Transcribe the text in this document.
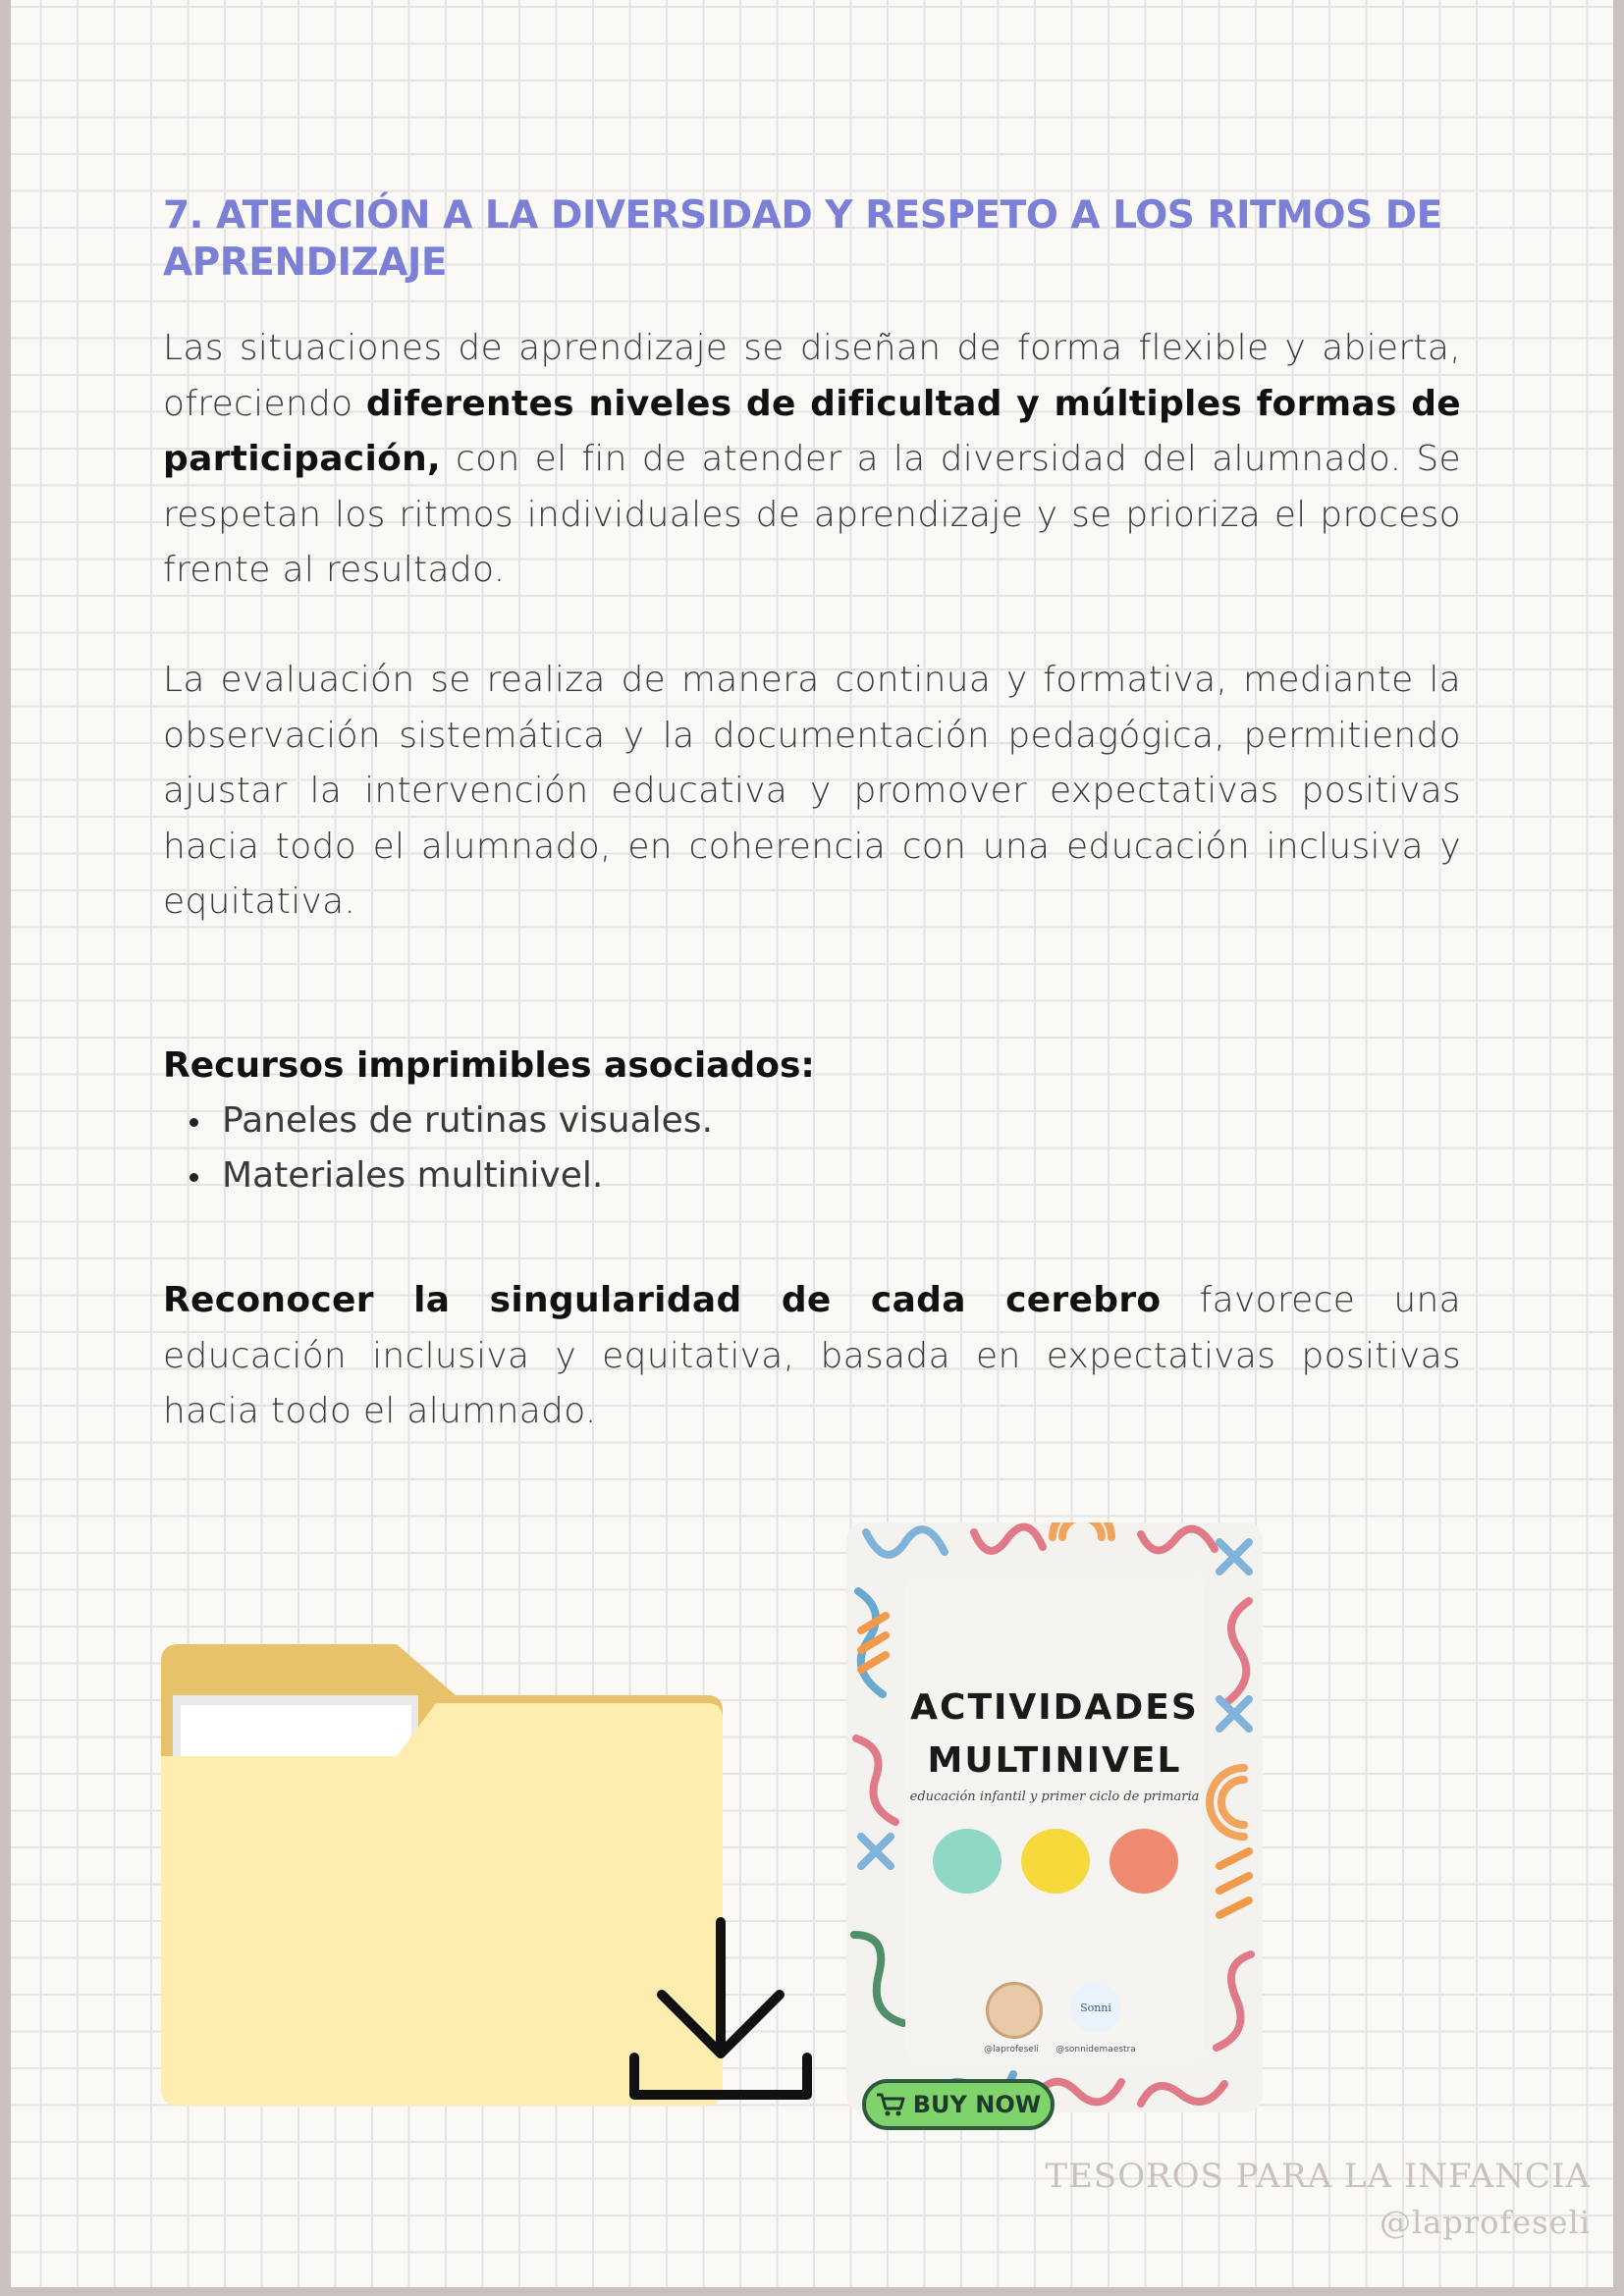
7. ATENCIÓN A LA DIVERSIDAD Y RESPETO A LOS RITMOS DE APRENDIZAJE

Las situaciones de aprendizaje se diseñan de forma flexible y abierta, ofreciendo diferentes niveles de dificultad y múltiples formas de participación, con el fin de atender a la diversidad del alumnado. Se respetan los ritmos individuales de aprendizaje y se prioriza el proceso frente al resultado.

La evaluación se realiza de manera continua y formativa, mediante la observación sistemática y la documentación pedagógica, permitiendo ajustar la intervención educativa y promover expectativas positivas hacia todo el alumnado, en coherencia con una educación inclusiva y equitativa.

Recursos imprimibles asociados:

Paneles de rutinas visuales.
Materiales multinivel.

Reconocer la singularidad de cada cerebro favorece una educación inclusiva y equitativa, basada en expectativas positivas hacia todo el alumnado.

ACTIVIDADES
MULTINIVEL
educación infantil y primer ciclo de primaria
Sonni
@laprofeseli	@sonnidemaestra
BUY NOW

TESOROS PARA LA INFANCIA

@laprofeseli
